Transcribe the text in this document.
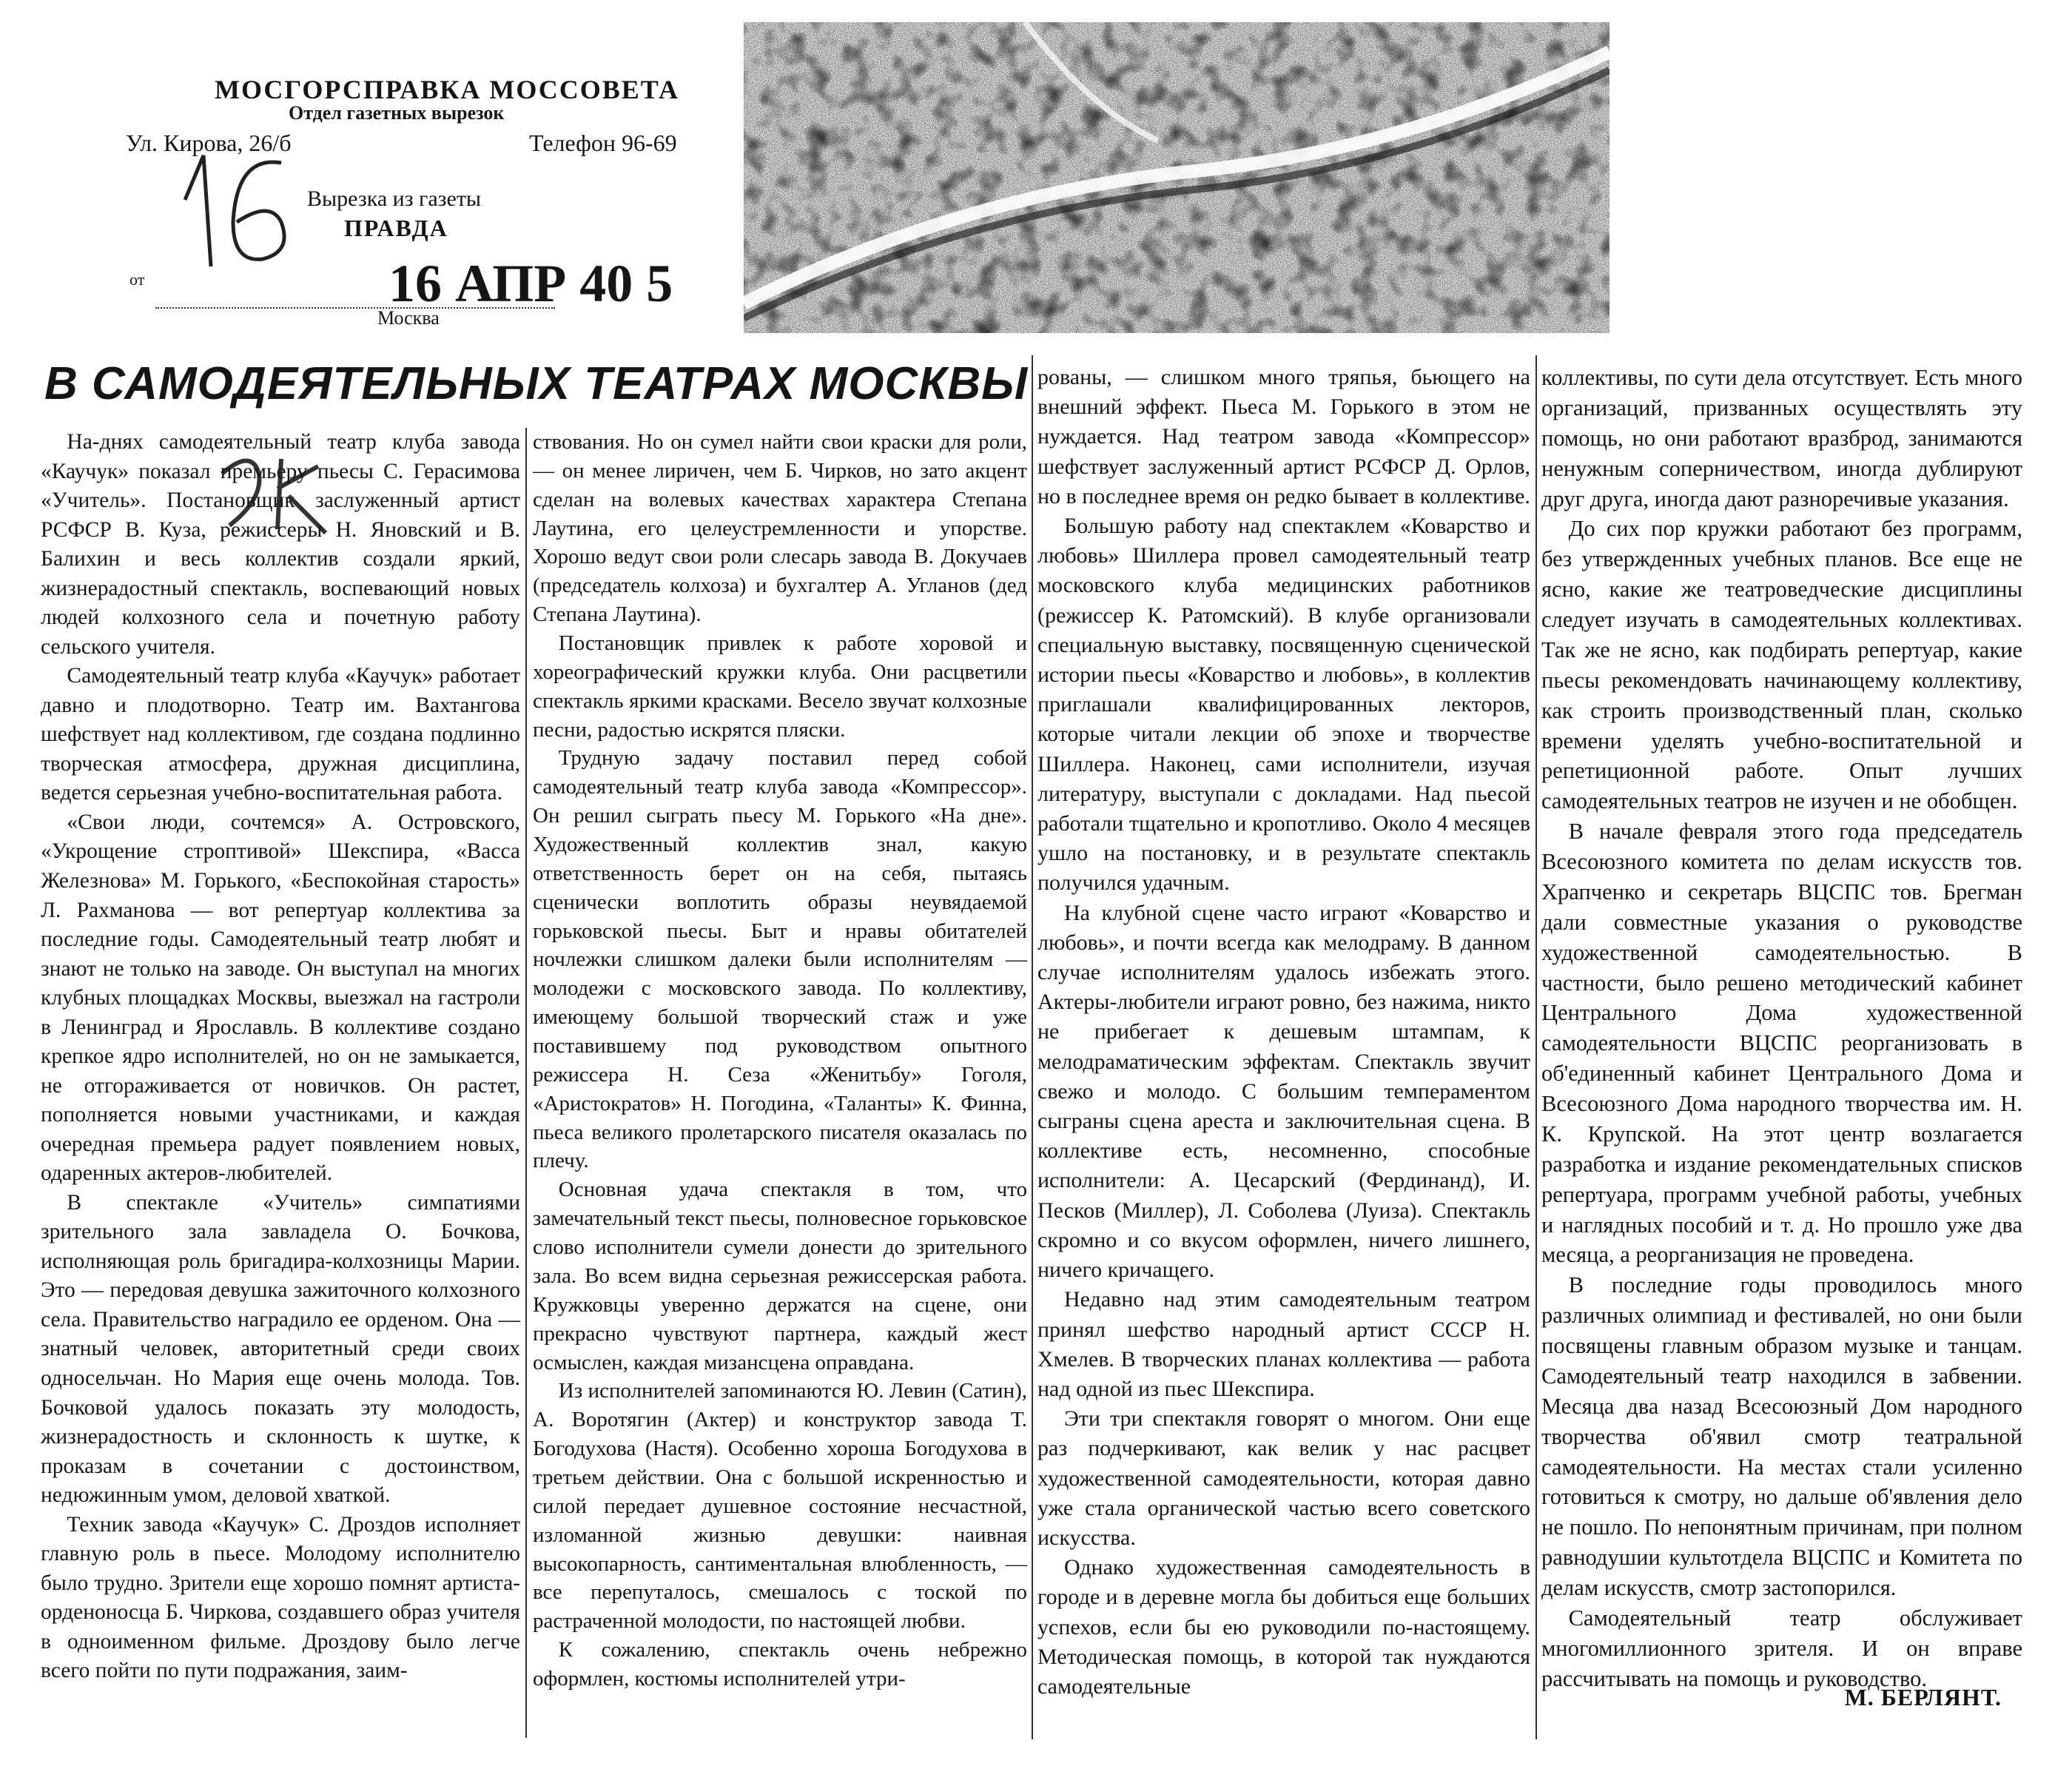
МОСГОРСПРАВКА МОССОВЕТА
Отдел газетных вырезок
Ул. Кирова, 26/б	Телефон 96-69
Вырезка из газеты
ПРАВДА
от	16 АПР 40 5
Москва
В САМОДЕЯТЕЛЬНЫХ ТЕАТРАХ МОСКВЫ

На-днях самодеятельный театр клуба завода «Каучук» показал премьеру пьесы С. Герасимова «Учитель». Постановщик заслуженный артист РСФСР В. Куза, режиссеры Н. Яновский и В. Балихин и весь коллектив создали яркий, жизнерадостный спектакль, воспевающий новых людей колхозного села и почетную работу сельского учителя.

Самодеятельный театр клуба «Каучук» работает давно и плодотворно. Театр им. Вахтангова шефствует над коллективом, где создана подлинно творческая атмосфера, дружная дисциплина, ведется серьезная учебно-воспитательная работа.

«Свои люди, сочтемся» А. Островского, «Укрощение строптивой» Шекспира, «Васса Железнова» М. Горького, «Беспокойная старость» Л. Рахманова — вот репертуар коллектива за последние годы. Самодеятельный театр любят и знают не только на заводе. Он выступал на многих клубных площадках Москвы, выезжал на гастроли в Ленинград и Ярославль. В коллективе создано крепкое ядро исполнителей, но он не замыкается, не отгораживается от новичков. Он растет, пополняется новыми участниками, и каждая очередная премьера радует появлением новых, одаренных актеров-любителей.

В спектакле «Учитель» симпатиями зрительного зала завладела О. Бочкова, исполняющая роль бригадира-колхозницы Марии. Это — передовая девушка зажиточного колхозного села. Правительство наградило ее орденом. Она — знатный человек, авторитетный среди своих односельчан. Но Мария еще очень молода. Тов. Бочковой удалось показать эту молодость, жизнерадостность и склонность к шутке, к проказам в сочетании с достоинством, недюжинным умом, деловой хваткой.

Техник завода «Каучук» С. Дроздов исполняет главную роль в пьесе. Молодому исполнителю было трудно. Зрители еще хорошо помнят артиста-орденоносца Б. Чиркова, создавшего образ учителя в одноименном фильме. Дроздову было легче всего пойти по пути подражания, заим-

ствования. Но он сумел найти свои краски для роли, — он менее лиричен, чем Б. Чирков, но зато акцент сделан на волевых качествах характера Степана Лаутина, его целеустремленности и упорстве. Хорошо ведут свои роли слесарь завода В. Докучаев (председатель колхоза) и бухгалтер А. Угланов (дед Степана Лаутина).

Постановщик привлек к работе хоровой и хореографический кружки клуба. Они расцветили спектакль яркими красками. Весело звучат колхозные песни, радостью искрятся пляски.

Трудную задачу поставил перед собой самодеятельный театр клуба завода «Компрессор». Он решил сыграть пьесу М. Горького «На дне». Художественный коллектив знал, какую ответственность берет он на себя, пытаясь сценически воплотить образы неувядаемой горьковской пьесы. Быт и нравы обитателей ночлежки слишком далеки были исполнителям — молодежи с московского завода. По коллективу, имеющему большой творческий стаж и уже поставившему под руководством опытного режиссера Н. Сеза «Женитьбу» Гоголя, «Аристократов» Н. Погодина, «Таланты» К. Финна, пьеса великого пролетарского писателя оказалась по плечу.

Основная удача спектакля в том, что замечательный текст пьесы, полновесное горьковское слово исполнители сумели донести до зрительного зала. Во всем видна серьезная режиссерская работа. Кружковцы уверенно держатся на сцене, они прекрасно чувствуют партнера, каждый жест осмыслен, каждая мизансцена оправдана.

Из исполнителей запоминаются Ю. Левин (Сатин), А. Воротягин (Актер) и конструктор завода Т. Богодухова (Настя). Особенно хороша Богодухова в третьем действии. Она с большой искренностью и силой передает душевное состояние несчастной, изломанной жизнью девушки: наивная высокопарность, сантиментальная влюбленность, — все перепуталось, смешалось с тоской по растраченной молодости, по настоящей любви.

К сожалению, спектакль очень небрежно оформлен, костюмы исполнителей утри-

рованы, — слишком много тряпья, бьющего на внешний эффект. Пьеса М. Горького в этом не нуждается. Над театром завода «Компрессор» шефствует заслуженный артист РСФСР Д. Орлов, но в последнее время он редко бывает в коллективе.

Большую работу над спектаклем «Коварство и любовь» Шиллера провел самодеятельный театр московского клуба медицинских работников (режиссер К. Ратомский). В клубе организовали специальную выставку, посвященную сценической истории пьесы «Коварство и любовь», в коллектив приглашали квалифицированных лекторов, которые читали лекции об эпохе и творчестве Шиллера. Наконец, сами исполнители, изучая литературу, выступали с докладами. Над пьесой работали тщательно и кропотливо. Около 4 месяцев ушло на постановку, и в результате спектакль получился удачным.

На клубной сцене часто играют «Коварство и любовь», и почти всегда как мелодраму. В данном случае исполнителям удалось избежать этого. Актеры-любители играют ровно, без нажима, никто не прибегает к дешевым штампам, к мелодраматическим эффектам. Спектакль звучит свежо и молодо. С большим темпераментом сыграны сцена ареста и заключительная сцена. В коллективе есть, несомненно, способные исполнители: А. Цесарский (Фердинанд), И. Песков (Миллер), Л. Соболева (Луиза). Спектакль скромно и со вкусом оформлен, ничего лишнего, ничего кричащего.

Недавно над этим самодеятельным театром принял шефство народный артист СССР Н. Хмелев. В творческих планах коллектива — работа над одной из пьес Шекспира.

Эти три спектакля говорят о многом. Они еще раз подчеркивают, как велик у нас расцвет художественной самодеятельности, которая давно уже стала органической частью всего советского искусства.

Однако художественная самодеятельность в городе и в деревне могла бы добиться еще больших успехов, если бы ею руководили по-настоящему. Методическая помощь, в которой так нуждаются самодеятельные

коллективы, по сути дела отсутствует. Есть много организаций, призванных осуществлять эту помощь, но они работают вразброд, занимаются ненужным соперничеством, иногда дублируют друг друга, иногда дают разноречивые указания.

До сих пор кружки работают без программ, без утвержденных учебных планов. Все еще не ясно, какие же театроведческие дисциплины следует изучать в самодеятельных коллективах. Так же не ясно, как подбирать репертуар, какие пьесы рекомендовать начинающему коллективу, как строить производственный план, сколько времени уделять учебно-воспитательной и репетиционной работе. Опыт лучших самодеятельных театров не изучен и не обобщен.

В начале февраля этого года председатель Всесоюзного комитета по делам искусств тов. Храпченко и секретарь ВЦСПС тов. Брегман дали совместные указания о руководстве художественной самодеятельностью. В частности, было решено методический кабинет Центрального Дома художественной самодеятельности ВЦСПС реорганизовать в об'единенный кабинет Центрального Дома и Всесоюзного Дома народного творчества им. Н. К. Крупской. На этот центр возлагается разработка и издание рекомендательных списков репертуара, программ учебной работы, учебных и наглядных пособий и т. д. Но прошло уже два месяца, а реорганизация не проведена.

В последние годы проводилось много различных олимпиад и фестивалей, но они были посвящены главным образом музыке и танцам. Самодеятельный театр находился в забвении. Месяца два назад Всесоюзный Дом народного творчества об'явил смотр театральной самодеятельности. На местах стали усиленно готовиться к смотру, но дальше об'явления дело не пошло. По непонятным причинам, при полном равнодушии культотдела ВЦСПС и Комитета по делам искусств, смотр застопорился.

Самодеятельный театр обслуживает многомиллионного зрителя. И он вправе рассчитывать на помощь и руководство.

М. БЕРЛЯНТ.
